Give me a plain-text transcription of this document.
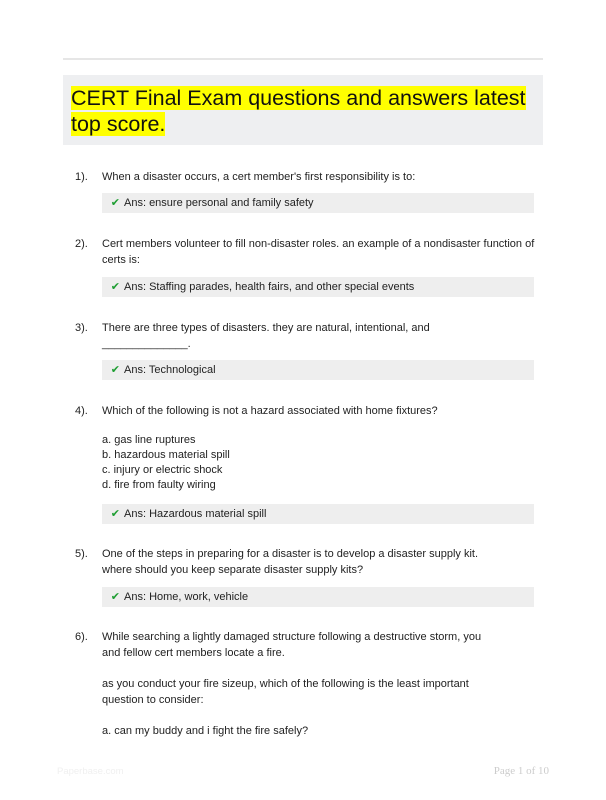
CERT Final Exam questions and answers latest top score.
1).	When a disaster occurs, a cert member's first responsibility is to:

✔ Ans: ensure personal and family safety
2).	Cert members volunteer to fill non-disaster roles. an example of a nondisaster function of certs is:

✔ Ans: Staffing parades, health fairs, and other special events
3).	There are three types of disasters. they are natural, intentional, and
______________.

✔ Ans: Technological
4).	Which of the following is not a hazard associated with home fixtures?

a. gas line ruptures
b. hazardous material spill
c. injury or electric shock
d. fire from faulty wiring
✔ Ans: Hazardous material spill
5).	One of the steps in preparing for a disaster is to develop a disaster supply kit.
where should you keep separate disaster supply kits?

✔ Ans: Home, work, vehicle
6).	While searching a lightly damaged structure following a destructive storm, you
and fellow cert members locate a fire.

as you conduct your fire sizeup, which of the following is the least important
question to consider:

a. can my buddy and i fight the fire safely?

Paperbase.com	Page 1 of 10
